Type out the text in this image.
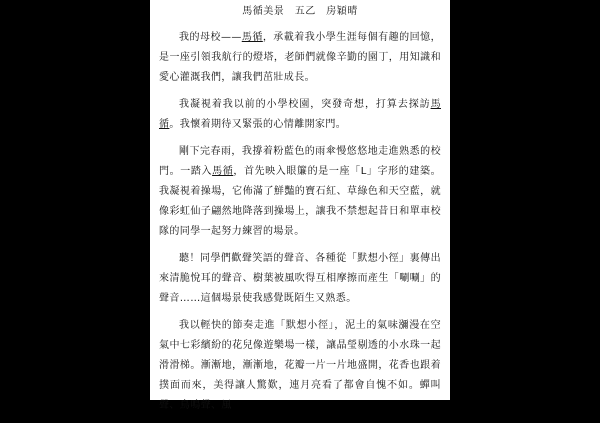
馬循美景　五乙　房穎晴

我的母校——馬循，承載着我小學生涯每個有趣的回憶，是一座引領我航行的燈塔，老師們就像辛勤的園丁，用知識和愛心灌溉我們，讓我們茁壯成長。

我凝視着我以前的小學校園，突發奇想，打算去探訪馬循。我懷着期待又緊張的心情離開家門。

剛下完春雨，我撐着粉藍色的雨傘慢悠悠地走進熟悉的校門。一踏入馬循，首先映入眼簾的是一座「L」字形的建築。我凝視着操場，它佈滿了鮮豔的寶石紅、草綠色和天空藍，就像彩虹仙子翩然地降落到操場上，讓我不禁想起昔日和單車校隊的同學一起努力練習的場景。

聽！同學們歡聲笑語的聲音、各種從「默想小徑」裏傳出來清脆悅耳的聲音、樹葉被風吹得互相摩擦而產生「唰唰」的聲音……這個場景使我感覺既陌生又熟悉。

我以輕快的節奏走進「默想小徑」，泥土的氣味瀰漫在空氣中七彩繽紛的花兒像遊樂場一樣，讓晶瑩剔透的小水珠一起滑滑梯。漸漸地，漸漸地，花瓣一片一片地盛開，花香也跟着撲面而來，美得讓人驚歎，連月亮看了都會自愧不如。蟬叫聲、鳥鳴聲、風
